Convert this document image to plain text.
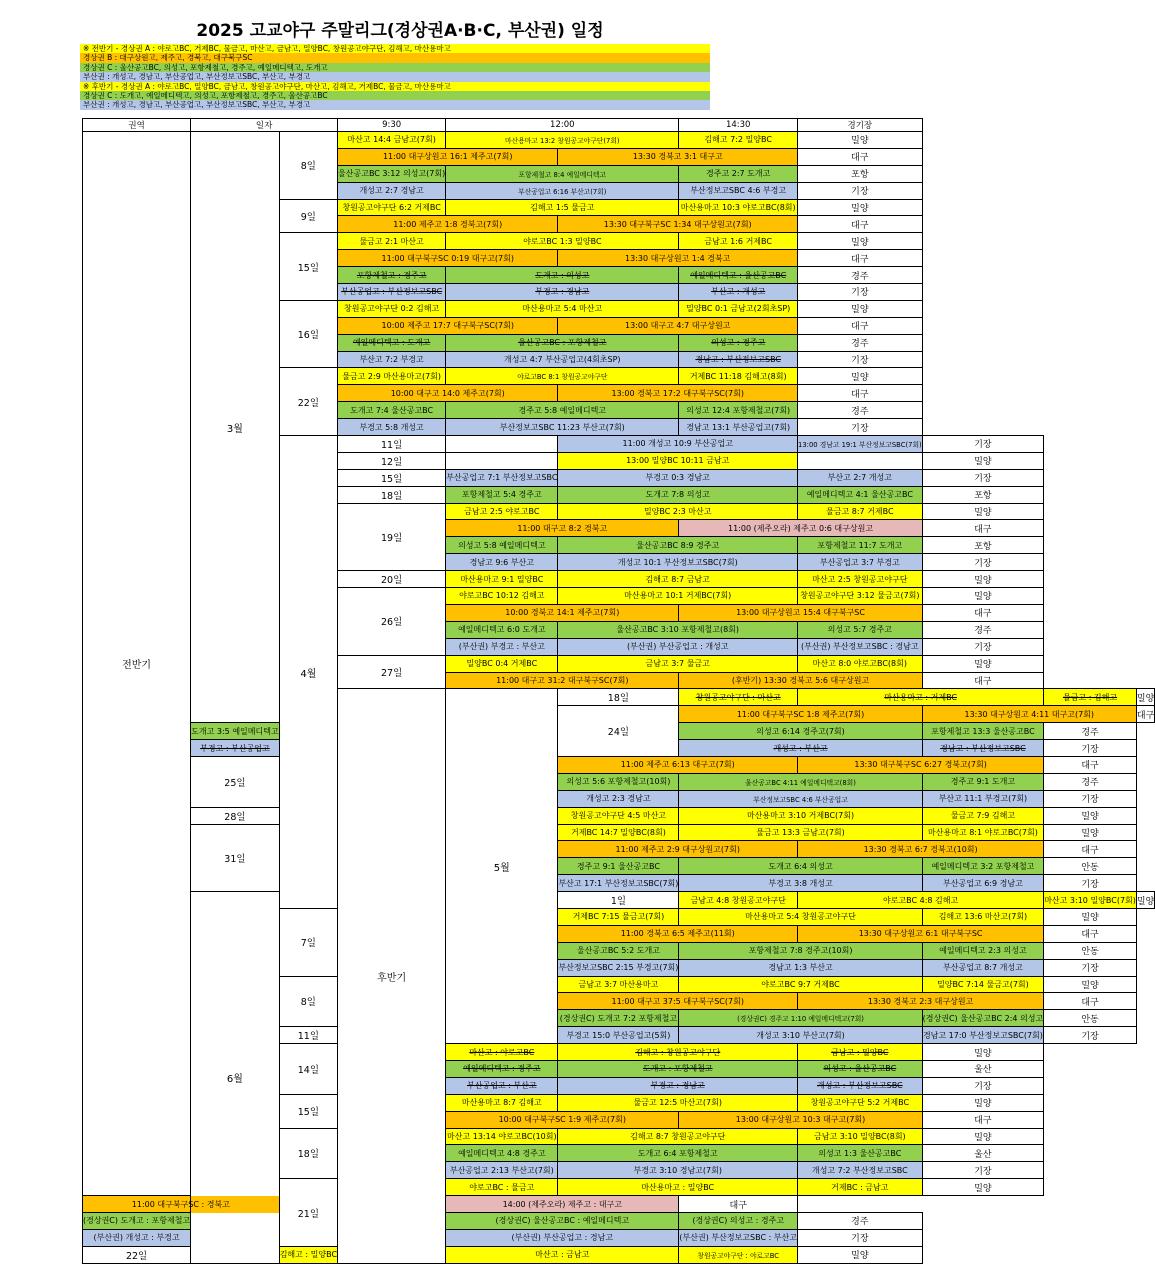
2025 고교야구 주말리그(경상권A·B·C, 부산권) 일정
※ 전반기 - 경상권 A : 야로고BC, 거제BC, 물금고, 마산고, 금남고, 밀양BC, 창원공고야구단, 김해고, 마산용마고
경상권 B : 대구상원고, 제주고, 경북고, 대구북구SC
경상권 C : 울산공고BC, 의성고, 포항제철고, 경주고, 예일메디텍고, 도개고
부산권 : 개성고, 경남고, 부산공업고, 부산정보고SBC, 부산고, 부경고
※ 후반기 - 경상권 A : 야로고BC, 밀양BC, 금남고, 창원공고야구단, 마산고, 김해고, 거제BC, 물금고, 마산용마고
경상권 C : 도개고, 예일메디텍고, 의성고, 포항제철고, 경주고, 울산공고BC
부산권 : 개성고, 경남고, 부산공업고, 부산정보고SBC, 부산고, 부경고
권역	일자		9:30	12:00		14:30	경기장			
전반기	3월	8일	마산고 14:4 금남고(7회)	마산용마고 13:2 창원공고야구단(7회)		김해고 7:2 밀양BC	밀양			
			11:00 대구상원고 16:1 제주고(7회)		13:30 경북고 3:1 대구고		대구			
			울산공고BC 3:12 의성고(7회)	포항제철고 8:4 예일메디텍고		경주고 2:7 도개고	포항			
			개성고 2:7 경남고	부산공업고 6:16 부산고(7회)		부산정보고SBC 4:6 부경고	기장			
		9일	창원공고야구단 6:2 거제BC	김해고 1:5 물금고		마산용마고 10:3 야로고BC(8회)	밀양			
			11:00 제주고 1:8 경북고(7회)		13:30 대구북구SC 1:34 대구상원고(7회)		대구			
		15일	물금고 2:1 마산고	야로고BC 1:3 밀양BC		금남고 1:6 거제BC	밀양			
			11:00 대구북구SC 0:19 대구고(7회)		13:30 대구상원고 1:4 경북고		대구			
			포항제철고 : 경주고	도개고 : 의성고		예일메디텍고 : 울산공고BC	경주			
			부산공업고 : 부산정보고SBC	부경고 : 경남고		부산고 : 개성고	기장			
		16일	창원공고야구단 0:2 김해고	마산용마고 5:4 마산고		밀양BC 0:1 금남고(2회초SP)	밀양			
			10:00 제주고 17:7 대구북구SC(7회)		13:00 대구고 4:7 대구상원고		대구			
			예일메디텍고 : 도개고	울산공고BC : 포항제철고		의성고 : 경주고	경주			
			부산고 7:2 부경고	개성고 4:7 부산공업고(4회초SP)		경남고 : 부산정보고SBC	기장			
		22일	물금고 2:9 마산용마고(7회)	야로고BC 8:1 창원공고야구단		거제BC 11:18 김해고(8회)	밀양			
			10:00 대구고 14:0 제주고(7회)		13:00 경북고 17:2 대구북구SC(7회)		대구			
			도개고 7:4 울산공고BC	경주고 5:8 예일메디텍고		의성고 12:4 포항제철고(7회)	경주			
			부경고 5:8 개성고	부산정보고SBC 11:23 부산고(7회)		경남고 13:1 부산공업고(7회)	기장			
		4월	11일		11:00 개성고 10:9 부산공업고		13:00 경남고 19:1 부산정보고SBC(7회)	기장		
			12일		13:00 밀양BC 10:11 금남고			밀양		
			15일	부산공업고 7:1 부산정보고SBC	부경고 0:3 경남고		부산고 2:7 개성고	기장		
			18일	포항제철고 5:4 경주고	도개고 7:8 의성고		예일메디텍고 4:1 울산공고BC	포항		
			19일	금남고 2:5 야로고BC	밀양BC 2:3 마산고		물금고 8:7 거제BC	밀양		
				11:00 대구고 8:2 경북고		11:00 (제주오라) 제주고 0:6 대구상원고		대구		
				의성고 5:8 예일메디텍고	울산공고BC 8:9 경주고		포항제철고 11:7 도개고	포항		
				경남고 9:6 부산고	개성고 10:1 부산정보고SBC(7회)		부산공업고 3:7 부경고	기장		
			20일	마산용마고 9:1 밀양BC	김해고 8:7 금남고		마산고 2:5 창원공고야구단	밀양		
			26일	야로고BC 10:12 김해고	마산용마고 10:1 거제BC(7회)		창원공고야구단 3:12 물금고(7회)	밀양		
				10:00 경북고 14:1 제주고(7회)		13:00 대구상원고 15:4 대구북구SC		대구		
				예일메디텍고 6:0 도개고	울산공고BC 3:10 포항제철고(8회)		의성고 5:7 경주고	경주		
				(부산권) 부경고 : 부산고	(부산권) 부산공업고 : 개성고		(부산권) 부산정보고SBC : 경남고	기장		
			27일	밀양BC 0:4 거제BC	금남고 3:7 물금고		마산고 8:0 야로고BC(8회)	밀양		
				11:00 대구고 31:2 대구북구SC(7회)		(후반기) 13:30 경북고 5:6 대구상원고		대구		
			후반기	5월	18일	창원공고야구단 : 마산고	마산용마고 : 거제BC		물금고 : 김해고	밀양
					24일	11:00 대구북구SC 1:8 제주고(7회)		13:30 대구상원고 4:11 대구고(7회)		대구
	도개고 3:5 예일메디텍고					의성고 6:14 경주고(7회)		포항제철고 13:3 울산공고BC	경주	
	부경고 : 부산공업고					개성고 : 부산고		경남고 : 부산정보고SBC	기장	
	25일				11:00 제주고 6:13 대구고(7회)		13:30 대구북구SC 6:27 경북고(7회)		대구	
					의성고 5:6 포항제철고(10회)	울산공고BC 4:11 예일메디텍고(8회)		경주고 9:1 도개고	경주	
					개성고 2:3 경남고	부산정보고SBC 4:6 부산공업고		부산고 11:1 부경고(7회)	기장	
	28일				창원공고야구단 4:5 마산고	마산용마고 3:10 거제BC(7회)		물금고 7:9 김해고	밀양	
	31일				거제BC 14:7 밀양BC(8회)	물금고 13:3 금남고(7회)		마산용마고 8:1 야로고BC(7회)	밀양	
					11:00 제주고 2:9 대구상원고(7회)		13:30 경북고 6:7 경북고(10회)		대구	
					경주고 9:1 울산공고BC	도개고 6:4 의성고		예일메디텍고 3:2 포항제철고	안동	
					부산고 17:1 부산정보고SBC(7회)	부경고 3:8 개성고		부산공업고 6:9 경남고	기장	
	6월				1일	금남고 4:8 창원공고야구단	야로고BC 4:8 김해고		마산고 3:10 밀양BC(7회)	밀양
		7일			거제BC 7:15 물금고(7회)	마산용마고 5:4 창원공고야구단		김해고 13:6 마산고(7회)	밀양	
					11:00 경북고 6:5 제주고(11회)		13:30 대구상원고 6:1 대구북구SC		대구	
					울산공고BC 5:2 도개고	포항제철고 7:8 경주고(10회)		예일메디텍고 2:3 의성고	안동	
					부산정보고SBC 2:15 부경고(7회)	경남고 1:3 부산고		부산공업고 8:7 개성고	기장	
		8일			금남고 3:7 마산용마고	야로고BC 9:7 거제BC		밀양BC 7:14 물금고(7회)	밀양	
					11:00 대구고 37:5 대구북구SC(7회)		13:30 경북고 2:3 대구상원고		대구	
					(경상권C) 도개고 7:2 포항제철고	(경상권C) 경주고 1:10 예일메디텍고(7회)		(경상권C) 울산공고BC 2:4 의성고	안동	
		11일			부경고 15:0 부산공업고(5회)	개성고 3:10 부산고(7회)		경남고 17:0 부산정보고SBC(7회)	기장	
		14일		마산고 : 야로고BC	김해고 : 창원공고야구단		금남고 : 밀양BC	밀양		
				예일메디텍고 : 경주고	도개고 : 포항제철고		의성고 : 울산공고BC	울산		
				부산공업고 : 부산고	부경고 : 경남고		개성고 : 부산정보고SBC	기장		
		15일		마산용마고 8:7 김해고	물금고 12:5 마산고(7회)		창원공고야구단 5:2 거제BC	밀양		
				10:00 대구북구SC 1:9 제주고(7회)		13:00 대구상원고 10:3 대구고(7회)		대구		
		18일		마산고 13:14 야로고BC(10회)	김해고 8:7 창원공고야구단		금남고 3:10 밀양BC(8회)	밀양		
				예일메디텍고 4:8 경주고	도개고 6:4 포항제철고		의성고 1:3 울산공고BC	울산		
				부산공업고 2:13 부산고(7회)	부경고 3:10 경남고(7회)		개성고 7:2 부산정보고SBC	기장		
		21일		야로고BC : 물금고	마산용마고 : 밀양BC		거제BC : 금남고	밀양		
11:00 대구북구SC : 경북고				14:00 (제주오라) 제주고 : 대구고		대구				
(경상권C) 도개고 : 포항제철고				(경상권C) 울산공고BC : 예일메디텍고		(경상권C) 의성고 : 경주고	경주			
(부산권) 개성고 : 부경고				(부산권) 부산공업고 : 경남고		(부산권) 부산정보고SBC : 부산고	기장			
22일		김해고 : 밀양BC		마산고 : 금남고		창원공고야구단 : 야로고BC	밀양			
